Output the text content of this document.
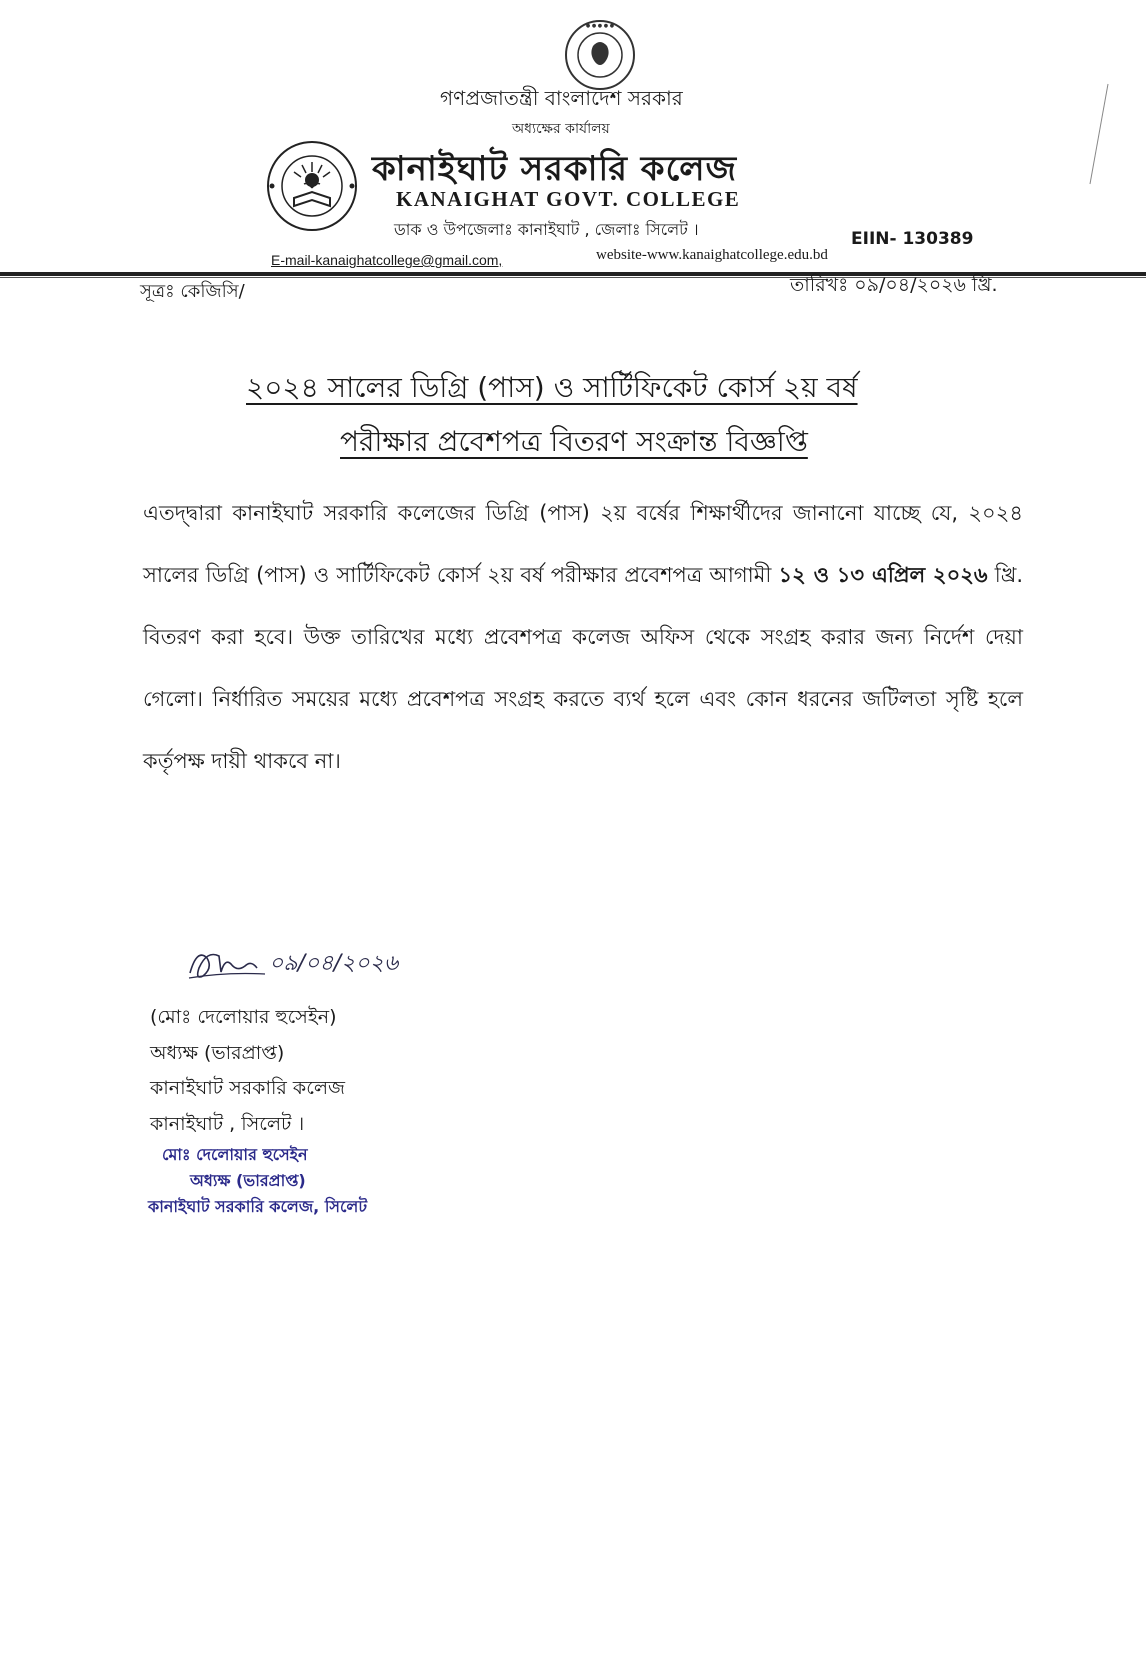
● ● ● ● ●
গণপ্রজাতন্ত্রী বাংলাদেশ সরকার
অধ্যক্ষের কার্যালয়
কানাইঘাট সরকারি কলেজ
KANAIGHAT GOVT. COLLEGE
ডাক ও উপজেলাঃ কানাইঘাট , জেলাঃ সিলেট ।	EIIN- 130389
E-mail-kanaighatcollege@gmail.com,	website-www.kanaighatcollege.edu.bd
সূত্রঃ কেজিসি/	তারিখঃ ০৯/০৪/২০২৬ খ্রি.
২০২৪ সালের ডিগ্রি (পাস) ও সার্টিফিকেট কোর্স ২য় বর্ষ
পরীক্ষার প্রবেশপত্র বিতরণ সংক্রান্ত বিজ্ঞপ্তি
এতদ্দ্বারা কানাইঘাট সরকারি কলেজের ডিগ্রি (পাস) ২য় বর্ষের শিক্ষার্থীদের জানানো যাচ্ছে যে, ২০২৪ সালের ডিগ্রি (পাস) ও সার্টিফিকেট কোর্স ২য় বর্ষ পরীক্ষার প্রবেশপত্র আগামী ১২ ও ১৩ এপ্রিল ২০২৬ খ্রি. বিতরণ করা হবে। উক্ত তারিখের মধ্যে প্রবেশপত্র কলেজ অফিস থেকে সংগ্রহ করার জন্য নির্দেশ দেয়া গেলো। নির্ধারিত সময়ের মধ্যে প্রবেশপত্র সংগ্রহ করতে ব্যর্থ হলে এবং কোন ধরনের জটিলতা সৃষ্টি হলে কর্তৃপক্ষ দায়ী থাকবে না।
০৯/০৪/২০২৬
(মোঃ দেলোয়ার হুসেইন)
অধ্যক্ষ (ভারপ্রাপ্ত)
কানাইঘাট সরকারি কলেজ
কানাইঘাট , সিলেট ।
মোঃ দেলোয়ার হুসেইন
অধ্যক্ষ (ভারপ্রাপ্ত)
কানাইঘাট সরকারি কলেজ, সিলেট
